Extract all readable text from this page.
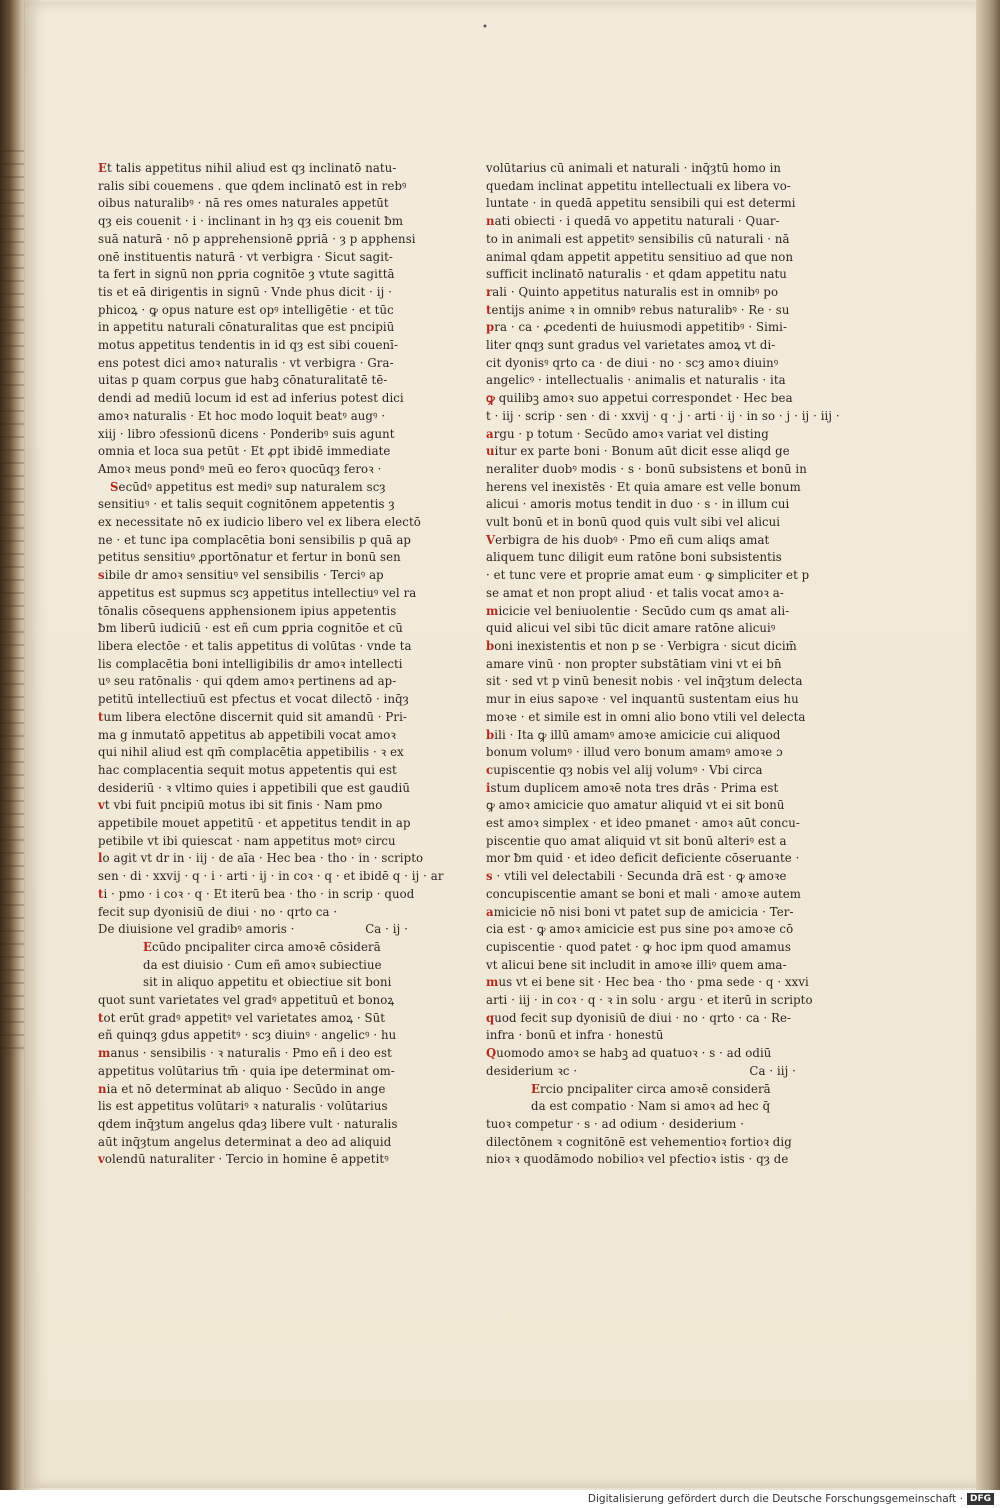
•
Et talis appetitus nihil aliud est qȝ inclinatō natu-
ralis sibi couemens . que qdem inclinatō est in rebꝰ
oibus naturalibꝰ · nā res omes naturales appetūt
qȝ eis couenit · i · inclinant in hȝ qȝ eis couenit ƀm
suā naturā · nō p apprehensionē ꝑpriā · ȝ p apphensi
onē instituentis naturā · vt verbigra · Sicut sagit-
ta fert in signū non ꝑpria cognitōe ȝ vtute sagittā
tis et eā dirigentis in signū · Vnde phus dicit · ij ·
phicoꝝ · ꝙ opus nature est opꝰ intelligētie · et tūc
in appetitu naturali cōnaturalitas que est pncipiū
motus appetitus tendentis in id qȝ est sibi couenī-
ens potest dici amoꝛ naturalis · vt verbigra · Gra-
uitas p quam corpus gue habꝫ cōnaturalitatē tē-
dendi ad mediū locum id est ad inferius potest dici
amoꝛ naturalis · Et hoc modo loquit beatꝰ augꝰ ·
xiij · libro ɔfessionū dicens · Ponderibꝰ suis agunt
omnia et loca sua petūt · Et ꝓpt ibidē immediate
Amoꝛ meus pondꝰ meū eo feroꝛ quocūqȝ feroꝛ ·
Secūdꝰ appetitus est mediꝰ sup naturalem scȝ
sensitiuꝰ · et talis sequit cognitōnem appetentis ȝ
ex necessitate nō ex iudicio libero vel ex libera electō
ne · et tunc ipa complacētia boni sensibilis p quā ap
petitus sensitiuꝰ ꝓportōnatur et fertur in bonū sen
sibile dr amoꝛ sensitiuꝰ vel sensibilis · Terciꝰ ap
appetitus est supmus scȝ appetitus intellectiuꝰ vel ra
tōnalis cōsequens apphensionem ipius appetentis
ƀm liberū iudiciū · est eñ cum ꝑpria cognitōe et cū
libera electōe · et talis appetitus di volūtas · vnde ta
lis complacētia boni intelligibilis dr amoꝛ intellecti
uꝰ seu ratōnalis · qui qdem amoꝛ pertinens ad ap-
petitū intellectiuū est pfectus et vocat dilectō · inq̄ȝ
tum libera electōne discernit quid sit amandū · Pri-
ma g inmutatō appetitus ab appetibili vocat amoꝛ
qui nihil aliud est qm̄ complacētia appetibilis · ꝛ ex
hac complacentia sequit motus appetentis qui est
desideriū · ꝛ vltimo quies i appetibili que est gaudiū
vt vbi fuit pncipiū motus ibi sit finis · Nam pmo
appetibile mouet appetitū · et appetitus tendit in ap
petibile vt ibi quiescat · nam appetitus motꝰ circu
lo agit vt dr in · iij · de aīa · Hec bea · tho · in · scripto
sen · di · xxvij · q · i · arti · ij · in coꝛ · q · et ibidē q · ij · ar
ti · pmo · i coꝛ · q · Et iterū bea · tho · in scrip · quod
fecit sup dyonisiū de diui · no · qrto ca ·
De diuisione vel gradibꝰ amoris ·	Ca · ij ·
Ecūdo pncipaliter circa amoꝛē cōsiderā
da est diuisio · Cum eñ amoꝛ subiectiue
sit in aliquo appetitu et obiectiue sit boni
quot sunt varietates vel gradꝰ appetituū et bonoꝝ
tot erūt gradꝰ appetitꝰ vel varietates amoꝝ · Sūt
eñ quinqȝ gdus appetitꝰ · scȝ diuinꝰ · angelicꝰ · hu
manus · sensibilis · ꝛ naturalis · Pmo eñ i deo est
appetitus volūtarius tm̄ · quia ipe determinat om-
nia et nō determinat ab aliquo · Secūdo in ange
lis est appetitus volūtariꝰ ꝛ naturalis · volūtarius
qdem inq̄ȝtum angelus qdaȝ libere vult · naturalis
aūt inq̄ȝtum angelus determinat a deo ad aliquid
volendū naturaliter · Tercio in homine ē appetitꝰ
volūtarius cū animali et naturali · inq̄ȝtū homo in
quedam inclinat appetitu intellectuali ex libera vo-
luntate · in quedā appetitu sensibili qui est determi
nati obiecti · i quedā vo appetitu naturali · Quar-
to in animali est appetitꝰ sensibilis cū naturali · nā
animal qdam appetit appetitu sensitiuo ad que non
sufficit inclinatō naturalis · et qdam appetitu natu
rali · Quinto appetitus naturalis est in omnibꝰ po
tentijs anime ꝛ in omnibꝰ rebus naturalibꝰ · Re · su
pra · ca · ꝓcedenti de huiusmodi appetitibꝰ · Simi-
liter qnqȝ sunt gradus vel varietates amoꝝ vt di-
cit dyonisꝰ qrto ca · de diui · no · scȝ amoꝛ diuinꝰ
angelicꝰ · intellectualis · animalis et naturalis · ita
ꝙ quilibꝫ amoꝛ suo appetui correspondet · Hec bea
t · iij · scrip · sen · di · xxvij · q · j · arti · ij · in so · j · ij · iij ·
argu · p totum · Secūdo amoꝛ variat vel disting
uitur ex parte boni · Bonum aūt dicit esse aliqd ge
neraliter duobꝰ modis · s · bonū subsistens et bonū in
herens vel inexistēs · Et quia amare est velle bonum
alicui · amoris motus tendit in duo · s · in illum cui
vult bonū et in bonū quod quis vult sibi vel alicui
Verbigra de his duobꝰ · Pmo eñ cum aliqs amat
aliquem tunc diligit eum ratōne boni subsistentis
· et tunc vere et proprie amat eum · ꝙ simpliciter et p
se amat et non propt aliud · et talis vocat amoꝛ a-
micicie vel beniuolentie · Secūdo cum qs amat ali-
quid alicui vel sibi tūc dicit amare ratōne alicuiꝰ
boni inexistentis et non p se · Verbigra · sicut dicim̄
amare vinū · non propter substātiam vini vt ei bn̄
sit · sed vt p vinū benesit nobis · vel inq̄ȝtum delecta
mur in eius sapoꝛe · vel inquantū sustentam eius hu
moꝛe · et simile est in omni alio bono vtili vel delecta
bili · Ita ꝙ illū amamꝰ amoꝛe amicicie cui aliquod
bonum volumꝰ · illud vero bonum amamꝰ amoꝛe ɔ
cupiscentie qȝ nobis vel alij volumꝰ · Vbi circa
istum duplicem amoꝛē nota tres drās · Prima est
ꝙ amoꝛ amicicie quo amatur aliquid vt ei sit bonū
est amoꝛ simplex · et ideo pmanet · amoꝛ aūt concu-
piscentie quo amat aliquid vt sit bonū alteriꝰ est a
mor ƀm quid · et ideo deficit deficiente cōseruante ·
s · vtili vel delectabili · Secunda drā est · ꝙ amoꝛe
concupiscentie amant se boni et mali · amoꝛe autem
amicicie nō nisi boni vt patet sup de amicicia · Ter-
cia est · ꝙ amoꝛ amicicie est pus sine poꝛ amoꝛe cō
cupiscentie · quod patet · ꝙ hoc ipm quod amamus
vt alicui bene sit includit in amoꝛe illiꝰ quem ama-
mus vt ei bene sit · Hec bea · tho · pma sede · q · xxvi
arti · iij · in coꝛ · q · ꝛ in solu · argu · et iterū in scripto
quod fecit sup dyonisiū de diui · no · qrto · ca · Re-
infra · bonū et infra · honestū
Quomodo amoꝛ se habꝫ ad quatuoꝛ · s · ad odiū
desiderium ꝛc ·	Ca · iij ·
Ercio pncipaliter circa amoꝛē considerā
da est compatio · Nam si amoꝛ ad hec q̄
tuoꝛ competur · s · ad odium · desiderium ·
dilectōnem ꝛ cognitōnē est vehementioꝛ fortioꝛ dig
nioꝛ ꝛ quodāmodo nobilioꝛ vel pfectioꝛ istis · qȝ de
Digitalisierung gefördert durch die Deutsche Forschungsgemeinschaft · DFG
